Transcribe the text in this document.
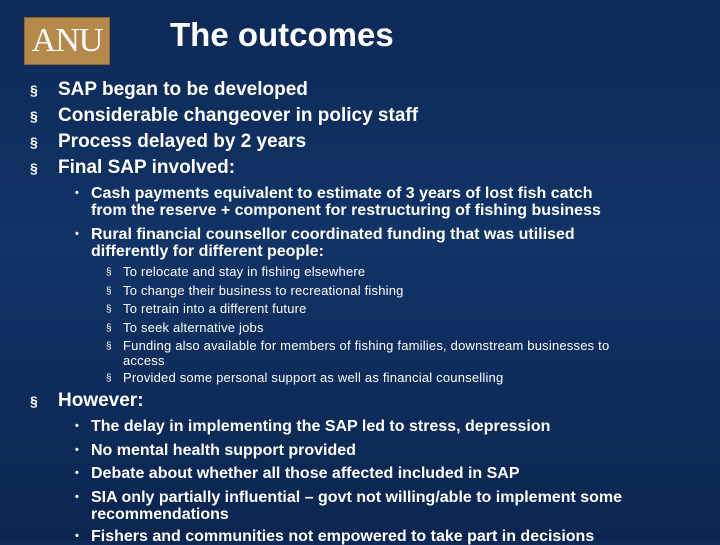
ANU The outcomes
§ SAP began to be developed
§ Considerable changeover in policy staff
§ Process delayed by 2 years
§ Final SAP involved:
• Cash payments equivalent to estimate of 3 years of lost fish catch
from the reserve + component for restructuring of fishing business
• Rural financial counsellor coordinated funding that was utilised
differently for different people:
§ To relocate and stay in fishing elsewhere
§ To change their business to recreational fishing
§ To retrain into a different future
§ To seek alternative jobs
§ Funding also available for members of fishing families, downstream businesses to
access
§ Provided some personal support as well as financial counselling
§ However:
• The delay in implementing the SAP led to stress, depression
• No mental health support provided
• Debate about whether all those affected included in SAP
• SIA only partially influential – govt not willing/able to implement some
recommendations
• Fishers and communities not empowered to take part in decisions
